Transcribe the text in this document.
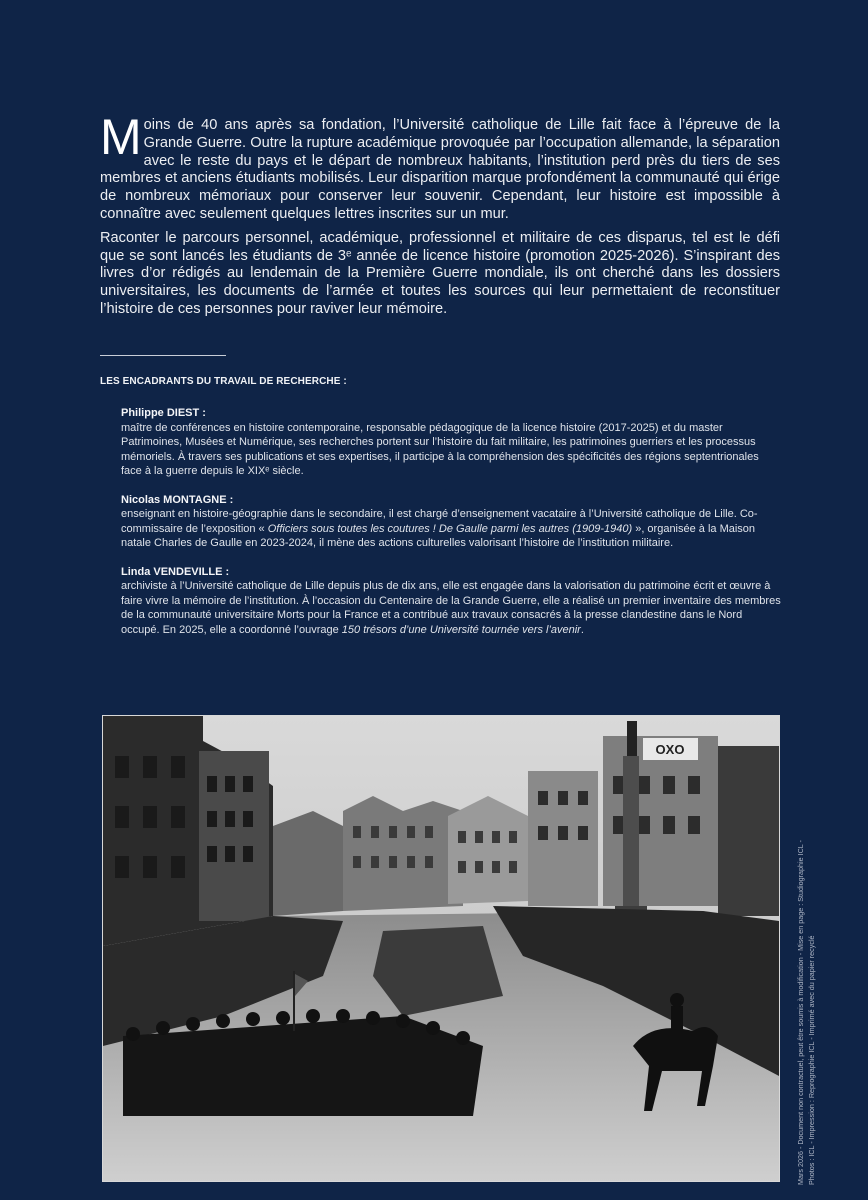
Moins de 40 ans après sa fondation, l’Université catholique de Lille fait face à l’épreuve de la Grande Guerre. Outre la rupture académique provoquée par l’occupation allemande, la séparation avec le reste du pays et le départ de nombreux habitants, l’institution perd près du tiers de ses membres et anciens étudiants mobilisés. Leur disparition marque profondément la communauté qui érige de nombreux mémoriaux pour conserver leur souvenir. Cependant, leur histoire est impossible à connaître avec seulement quelques lettres inscrites sur un mur.

Raconter le parcours personnel, académique, professionnel et militaire de ces disparus, tel est le défi que se sont lancés les étudiants de 3ᵉ année de licence histoire (promotion 2025-2026). S’inspirant des livres d’or rédigés au lendemain de la Première Guerre mondiale, ils ont cherché dans les dossiers universitaires, les documents de l’armée et toutes les sources qui leur permettaient de reconstituer l’histoire de ces personnes pour raviver leur mémoire.

LES ENCADRANTS DU TRAVAIL DE RECHERCHE :
Philippe DIEST :
maître de conférences en histoire contemporaine, responsable pédagogique de la licence histoire (2017-2025) et du master Patrimoines, Musées et Numérique, ses recherches portent sur l’histoire du fait militaire, les patrimoines guerriers et les processus mémoriels. À travers ses publications et ses expertises, il participe à la compréhension des spécificités des régions septentrionales face à la guerre depuis le XIXᵉ siècle.
Nicolas MONTAGNE :
enseignant en histoire-géographie dans le secondaire, il est chargé d’enseignement vacataire à l’Université catholique de Lille. Co-commissaire de l’exposition « Officiers sous toutes les coutures ! De Gaulle parmi les autres (1909-1940) », organisée à la Maison natale Charles de Gaulle en 2023-2024, il mène des actions culturelles valorisant l’histoire de l’institution militaire.
Linda VENDEVILLE :
archiviste à l’Université catholique de Lille depuis plus de dix ans, elle est engagée dans la valorisation du patrimoine écrit et œuvre à faire vivre la mémoire de l’institution. À l’occasion du Centenaire de la Grande Guerre, elle a réalisé un premier inventaire des membres de la communauté universitaire Morts pour la France et a contribué aux travaux consacrés à la presse clandestine dans le Nord occupé. En 2025, elle a coordonné l’ouvrage 150 trésors d’une Université tournée vers l’avenir.
OXO
Mars 2026 - Document non contractuel, peut être soumis à modification - Mise en page : Studiographie ICL - Photos : ICL - Impression : Reprographie ICL - Imprimé avec du papier recyclé
